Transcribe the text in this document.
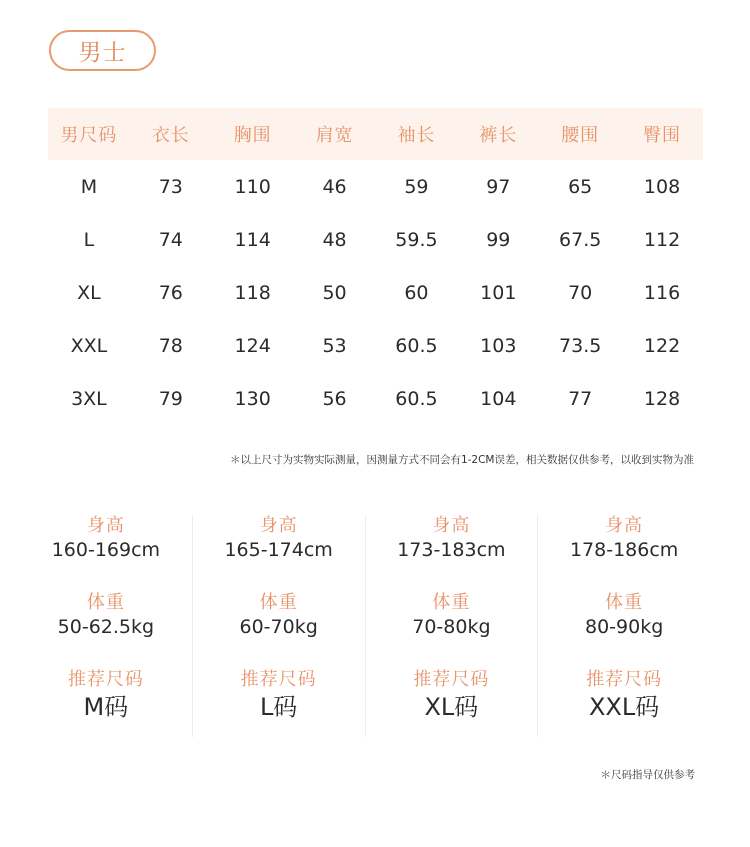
男士
男尺码	衣长	胸围	肩宽	袖长	裤长	腰围	臀围
M	73	110	46	59	97	65	108
L	74	114	48	59.5	99	67.5	112
XL	76	118	50	60	101	70	116
XXL	78	124	53	60.5	103	73.5	122
3XL	79	130	56	60.5	104	77	128
＊以上尺寸为实物实际测量，因测量方式不同会有1-2CM误差，相关数据仅供参考，以收到实物为准
身高
160-169cm
体重
50-62.5kg
推荐尺码
M码
身高
165-174cm
体重
60-70kg
推荐尺码
L码
身高
173-183cm
体重
70-80kg
推荐尺码
XL码
身高
178-186cm
体重
80-90kg
推荐尺码
XXL码
＊尺码指导仅供参考
